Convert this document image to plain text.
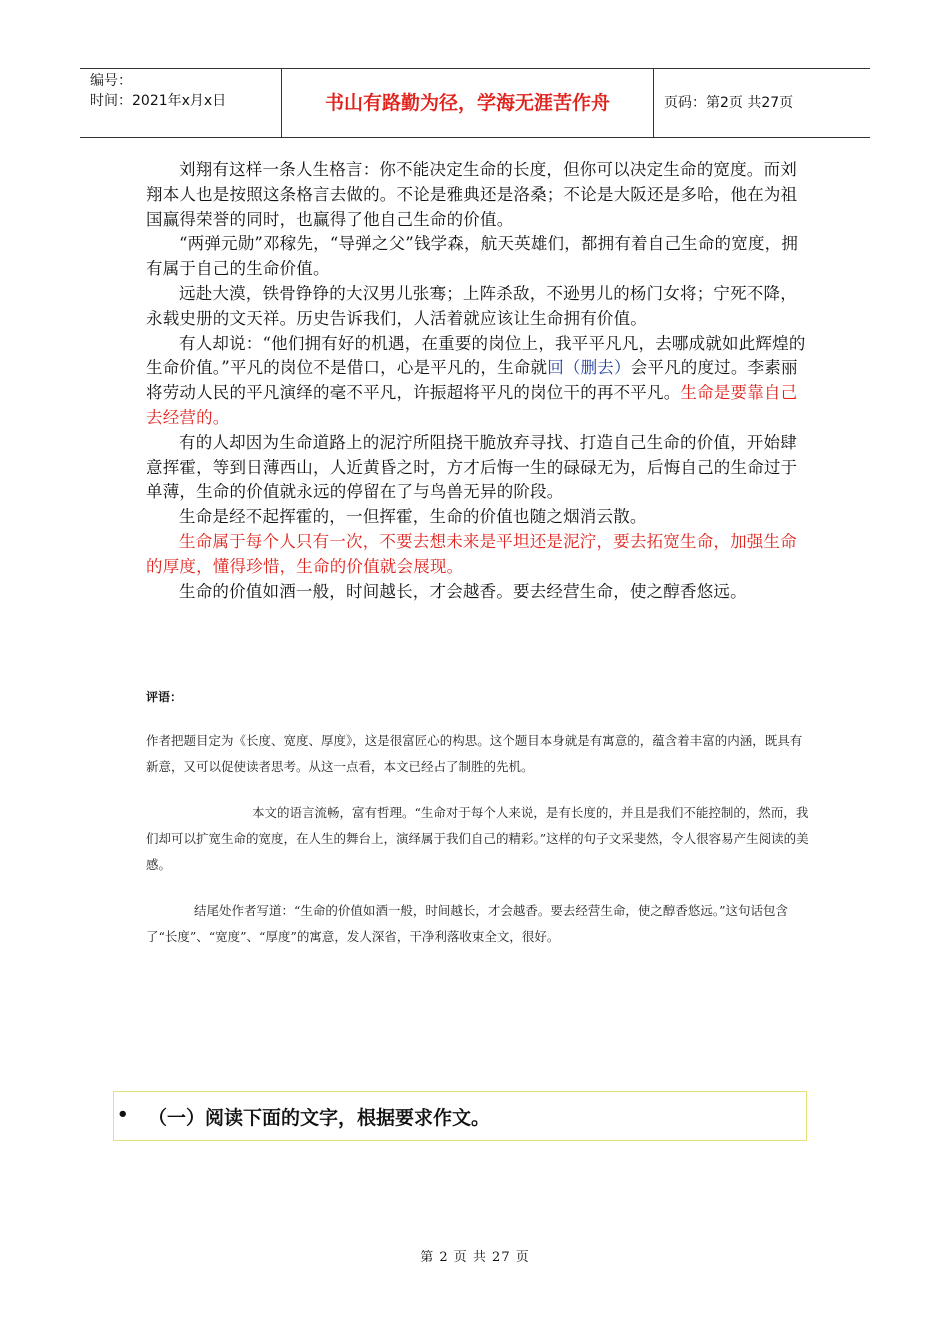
编号：
时间：2021年x月x日	书山有路勤为径，学海无涯苦作舟	页码：第2页 共27页

刘翔有这样一条人生格言：你不能决定生命的长度，但你可以决定生命的宽度。而刘翔本人也是按照这条格言去做的。不论是雅典还是洛桑；不论是大阪还是多哈，他在为祖国赢得荣誉的同时，也赢得了他自己生命的价值。

“两弹元勋”邓稼先，“导弹之父”钱学森，航天英雄们，都拥有着自己生命的宽度，拥有属于自己的生命价值。

远赴大漠，铁骨铮铮的大汉男儿张骞；上阵杀敌，不逊男儿的杨门女将；宁死不降，永载史册的文天祥。历史告诉我们，人活着就应该让生命拥有价值。

有人却说：“他们拥有好的机遇，在重要的岗位上，我平平凡凡，去哪成就如此辉煌的生命价值。”平凡的岗位不是借口，心是平凡的，生命就回（删去）会平凡的度过。李素丽将劳动人民的平凡演绎的毫不平凡，许振超将平凡的岗位干的再不平凡。生命是要靠自己去经营的。

有的人却因为生命道路上的泥泞所阻挠干脆放弃寻找、打造自己生命的价值，开始肆意挥霍，等到日薄西山，人近黄昏之时，方才后悔一生的碌碌无为，后悔自己的生命过于单薄，生命的价值就永远的停留在了与鸟兽无异的阶段。

生命是经不起挥霍的，一但挥霍，生命的价值也随之烟消云散。

生命属于每个人只有一次，不要去想未来是平坦还是泥泞，要去拓宽生命，加强生命的厚度，懂得珍惜，生命的价值就会展现。

生命的价值如酒一般，时间越长，才会越香。要去经营生命，使之醇香悠远。

评语：

作者把题目定为《长度、宽度、厚度》，这是很富匠心的构思。这个题目本身就是有寓意的，蕴含着丰富的内涵，既具有新意，又可以促使读者思考。从这一点看，本文已经占了制胜的先机。

本文的语言流畅，富有哲理。“生命对于每个人来说，是有长度的，并且是我们不能控制的，然而，我们却可以扩宽生命的宽度，在人生的舞台上，演绎属于我们自己的精彩。”这样的句子文采斐然，令人很容易产生阅读的美感。

结尾处作者写道：“生命的价值如酒一般，时间越长，才会越香。要去经营生命，使之醇香悠远。”这句话包含了“长度”、“宽度”、“厚度”的寓意，发人深省，干净利落收束全文，很好。

• （一）阅读下面的文字，根据要求作文。
第 2 页 共 27 页
